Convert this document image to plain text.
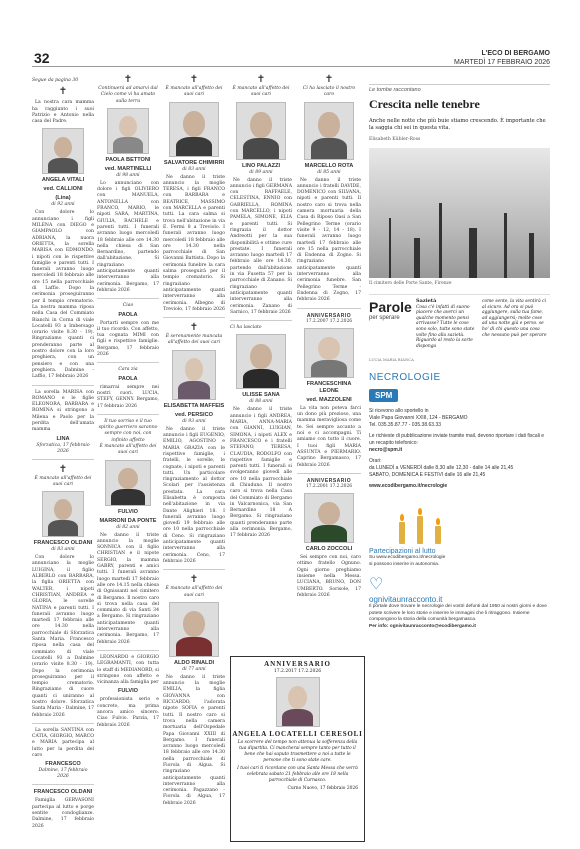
32	L'ECO DI BERGAMO
MARTEDÌ 17 FEBBRAIO 2026
Segue da pagina 30
✝

La nostra cara mamma ha raggiunto i suoi Patrizio e Antonio nella casa del Padre.

ANGELA VITALI
ved. CALLIONI
(Lina)
di 92 anni

Con dolore lo annunciano i figli MILENA con DIEGO e GIAMPAOLO con ADRIANA, la nuora ORIETTA, la sorella MARISA con EDMONDO, i nipoti con le rispettive famiglie e parenti tutti. I funerali avranno luogo mercoledì 18 febbraio alle ore 15 nella parrocchiale di Laffio. Dopo la cerimonia proseguiranno per il tempio crematorio. La nostra mamma riposa nella Casa del Commiato Bianchi in Corna di viale Locatelli 93 a Imbersago (orario visite 8.30 - 19). Ringraziamo quanti ci prenderanno parte al nostro dolore con la loro preghiera, con un pensiero e con una preghiera. Dalmine - Laffio, 17 febbraio 2026

La sorella MARISA con ROMANO e le figlie ELEONORA, BARBARA e ROMINA si stringono a Milena e Paolo per la perdita dell'amata mamma

LINA
Sforzatica, 17 febbraio 2026
✝
È mancato all'affetto dei suoi cari
FRANCESCO OLDANI
di 83 anni

Con dolore lo annunciano la moglie LUIGINA, il figlio ALBERLO con BARBARA, la figlia ORIETTA con WALTER, i nipoti CHRISTIAN, ANDREA e GLORIA, le sorelle NATINA e parenti tutti. I funerali avranno luogo martedì 17 febbraio alle ore 14.30 nella parrocchiale di Sforzatica Santa Maria. Francesco riposa nella casa del commiato di viale Locatelli 93 a Dalmine (orario visite 8.30 - 19). Dopo la cerimonia proseguiranno per il tempio crematorio. Ringraziamo di cuore quanti ci uniranno al nostro dolore. Sforzatica Santa Maria - Dalmine, 17 febbraio 2026

La sorella SANTINA con CATIA, GIORGIO, MARCO e MARIA partecipa al lutto per la perdita del caro

FRANCESCO
Dalmine, 17 febbraio 2026
FRANCESCO OLDANI

Famiglia GERVASONI partecipa al lutto e porge sentite condoglianze. Dalmine, 17 febbraio 2026

✝
Continuerà ad amarvi dal Cielo come vi ha amato sulla terra
PAOLA BETTONI
ved. MARTINELLI
di 98 anni

Lo annunciano con dolore i figli OLIVIERO con MANUELA, ANTONELLA con FRANCO, MARIO, le nipoti SARA, MARTINA, GIULIA, RACHELE e parenti tutti. I funerali avranno luogo mercoledì 18 febbraio alle ore 14.30 nella chiesa di San Bernardino, partendo dall'abitazione. Si ringraziano anticipatamente quanti interverranno alla cerimonia. Bergamo, 17 febbraio 2026

Ciao
PAOLA

Portarti sempre con me il tuo ricordo. Con affetto, tua cognata MIMI con figli e rispettive famiglie. Bergamo, 17 febbraio 2026

Cara zia
PAOLA

rimarrai sempre nei nostri cuori. LUCIA, STEFY, GENNY. Bergamo, 17 febbraio 2026

Il tuo sorriso e il tuo spirito guerriero saranno sempre con noi, con infinito affetto
È mancato all'affetto dei suoi cari
FULVIO
MARRONI DA PONTE
di 82 anni

Ne danno il triste annuncio la moglie SONNICA con il figlio CHRISTIAN e il nipote SERGIO, la mamma GABRY, parenti e amici tutti. I funerali avranno luogo martedì 17 febbraio alle ore 14.15 nella chiesa di Ognissanti nel cimitero di Bergamo. Il nostro caro si trova nella casa del commiato di via Santi 34 a Bergamo. Si ringraziano anticipatamente quanti interverranno alla cerimonia. Bergamo, 17 febbraio 2026

LEONARDO e GIORGIO LEGRAMANTI, con tutta lo staff di MEDIANORD, si stringono con affetto e vicinanza alla famiglia per

FULVIO

professionista serio e concreto, ma prima ancora amico sincero. Ciao Fulvio. Parzia, 17 febbraio 2026

✝
È mancato all'affetto dei suoi cari
SALVATORE CHIMIRRI
di 83 anni

Ne danno il triste annuncio la moglie TERESA, i figli FRANCO con BARBARA e BEATRICE, MASSIMO con MARCELLA e parenti tutti. La cara salma si trova nell'abitazione in via E. Fermi 8 a Treviolo. I funerali avranno luogo mercoledì 18 febbraio alle ore 14.30 nella parrocchiale di San Giovanni Battista. Dopo la cerimonia funebre la cara salma proseguirà per il tempio crematorio. Si ringraziano anticipatamente quanti interverranno alla cerimonia. Albegno di Treviolo, 17 febbraio 2026

✝
È serenamente mancata all'affetto dei suoi cari
ELISABETTA MAFFEIS
ved. PERSICO
di 93 anni

Ne danno il triste annuncio i figli EUGENIO, EMILIO, AGOSTINO e MARIA GRAZIA con le rispettive famiglie, i fratelli, le sorelle, le cognate, i nipoti e parenti tutti. Un particolare ringraziamento al dottor Scolari per l'assistenza prestata. La cara Elisabetta è composta nell'abitazione in via Dante Alighieri 18. I funerali avranno luogo giovedì 19 febbraio alle ore 10 nella parrocchiale di Ceno. Si ringraziano anticipatamente quanti interverranno alla cerimonia. Ceno, 17 febbraio 2026

✝
È mancato all'affetto dei suoi cari
ALDO RINALDI
di 77 anni

Ne danno il triste annuncio la moglie EMILIA, la figlia GIOVANNA con RICCARDO, l'adorata nipote SOFIA e parenti tutti. Il nostro caro si trova nella camera mortuaria dell'Ospedale Papa Giovanni XXIII di Bergamo. I funerali avranno luogo mercoledì 18 febbraio alle ore 14.30 nella parrocchiale di Fiorola di Algua. Si ringraziano anticipatamente quanti interverranno alla cerimonia. Pagazzano - Fiorola di Algua, 17 febbraio 2026

✝
È mancato all'affetto dei suoi cari
LINO PALAZZI
di 89 anni

Ne danno il triste annuncio i figli GERMANA con RAFFAELE, CELESTINA, ENNIO con GABRIELLA, ROMINA con MARCELLO, i nipoti PAMELA, SIMONE, ELIA e parenti tutti. Si ringrazia il dottor Andreotti per la sua disponibilità e ottime cure prestate. I funerali avranno luogo martedì 17 febbraio alle ore 14.30, partendo dall'abitazione in via Fusetta 57 per la parrocchiale di Zanano. Si ringraziano anticipatamente quanti interverranno alla cerimonia. Zanano di Sarnico, 17 febbraio 2026

Ci ha lasciato
ULISSE SANA
di 88 anni

Ne danno il triste annuncio i figli ANDREA, MARIA, ANNA-MARIA con GIANNI, LUIGIAN, SIMONA, i nipoti ALEX e FRANCESCO e i fratelli STEFANO, TERESA, CLAUDIA, RODOLFO con rispettive famiglie e parenti tutti. I funerali si svolgeranno giovedì alle ore 10 nella parrocchiale di Chiuduno. Il nostro caro si trova nella Casa del Commiato di Bergamo in Valcarnonica, via San Bernardino 18 A Bergamo. Si ringraziano quanti prenderanno parte alla cerimonia. Bergamo, 17 febbraio 2026

✝
Ci ha lasciato il nostro caro
MARCELLO ROTA
di 85 anni

Ne danno il triste annuncio i fratelli DAVIDE, DOMENICO con SILVANA, nipoti e parenti tutti. Il nostro caro si trova nella camera mortuaria della Casa di Riposo Oasi a San Pellegrino Terme (orario visite 9 - 12, 14 - 18). I funerali avranno luogo martedì 17 febbraio alle ore 15 nella parrocchiale di Endenna di Zogno. Si ringraziano anticipatamente quanti interverranno alla cerimonia funebre. San Pellegrino Terme - Endenna di Zogno, 17 febbraio 2026

ANNIVERSARIO
17.2.2007 17.2.2026
FRANCESCHINA LEONE
ved. MAZZOLENI

La vita non poteva farci un dono più prezioso, una mamma meravigliosa come te. Sei sempre accanto a noi e ci accompagni. Ti amiamo con tutto il cuore. I tuoi figli MARIA ASSUNTA e PIERMARIO. Caprino Bergamasco, 17 febbraio 2026

ANNIVERSARIO
17.2.2001 17.2.2026
CARLO ZOCCOLI

Sei sempre con noi, caro ottimo fratello Ognuno. Ogni giorno preghiamo insieme nella Messa. LUCIANA, BRUNO, DON UMBERTO. Sorisole, 17 febbraio 2026

ANNIVERSARIO
17.2.2017 17.2.2026
ANGELA LOCATELLI CERESOLI
Lo scorrere del tempo non attenua la sofferenza della tua dipartita. Ci mancherai sempre tanto per tutto il bene che hai saputo trasmettere a noi a tutte le persone che ti sono state care.
I tuoi cari ti ricordano con una Santa Messa che verrà celebrata sabato 21 febbraio alle ore 18 nella parrocchiale di Curnasco.
Curno Nuovo, 17 febbraio 2026
Le tombe raccontano
Crescita nelle tenebre
Anche nelle notte che più buie stiamo crescendo. È importante che la saggia chi sei in questa vita.
Elisabeth Kübler-Ross
Il cimitero delle Porte Sante, Firenze
Parole
per sperare
LUCIA MARIA BIANCA
Sazietà
Cosa c'è infatti di suono piacere che averci un qualche momento pensi arrivasse? Tutte le cose sono solo, tutte sono state volte fino alla sazietà. Riguardo al resto la sorte disponga
come sente, la vita sentirà ci al sicuro. Ad ora si può aggiungere, sulla tua fame, ad aggiungersi; molte cose ad una notte già e perso. se ho' di chi questo una cosa che nessuno può per sperare
NECROLOGIE
SPM
Si ricevono allo sportello in
Viale Papa Giovanni XXIII, 124 - BERGAMO
Tel. 035.35.87.77 - 035.38.63.33
Le richieste di pubblicazione inviate tramite mail, devono riportare i dati fiscali e un recapito telefonico:
necro@spm.it
Orari:
da LUNEDÌ a VENERDÌ dalle 8,30 alle 12,30 - dalle 14 alle 21,45
SABATO, DOMENICA E FESTIVI dalle 16 alle 21,45
www.ecodibergamo.it/necrologie
Partecipazioni al lutto
Su www.ecodibergamo.it/necrologie
si possono inserire in autonomia.
♡
ognivitaunracconto.it
Il portale dove trovare le necrologie dei vostri defunti dal 1950 ai nostri giorni e dove potete scrivere le loro storie e inserire le immagini che li ritraggono. Insieme compongono la storia della comunità bergamasca.
Per info: ognivitaunracconto@ecodibergamo.it
